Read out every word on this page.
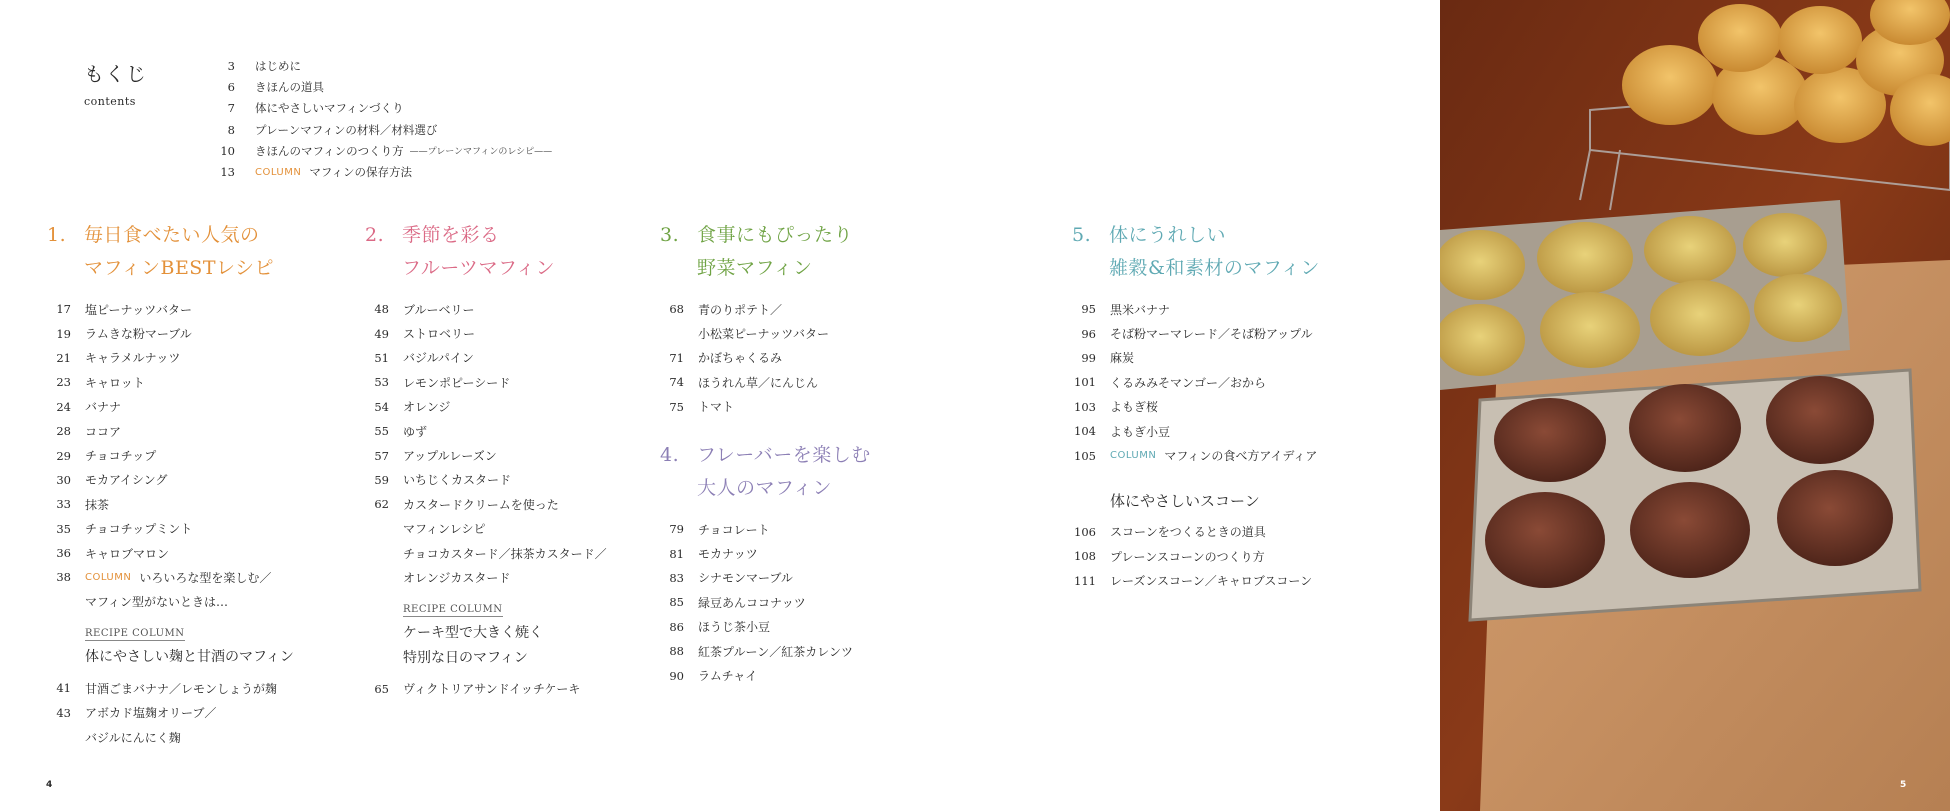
もくじ
contents
3 はじめに
6 きほんの道具
7 体にやさしいマフィンづくり
8 プレーンマフィンの材料／材料選び
10 きほんのマフィンのつくり方 ——プレーンマフィンのレシピ——
13 COLUMN マフィンの保存方法
1. 毎日食べたい人気の
マフィンBESTレシピ
17 塩ピーナッツバター
19 ラムきな粉マーブル
21 キャラメルナッツ
23 キャロット
24 バナナ
28 ココア
29 チョコチップ
30 モカアイシング
33 抹茶
35 チョコチップミント
36 キャロブマロン
38 COLUMN いろいろな型を楽しむ／
マフィン型がないときは…
RECIPE COLUMN
体にやさしい麹と甘酒のマフィン
41 甘酒ごまバナナ／レモンしょうが麹
43 アボカド塩麹オリーブ／
バジルにんにく麹
2. 季節を彩る
フルーツマフィン
48 ブルーベリー
49 ストロベリー
51 バジルパイン
53 レモンポピーシード
54 オレンジ
55 ゆず
57 アップルレーズン
59 いちじくカスタード
62 カスタードクリームを使った
マフィンレシピ
チョコカスタード／抹茶カスタード／
オレンジカスタード
RECIPE COLUMN
ケーキ型で大きく焼く
特別な日のマフィン
65 ヴィクトリアサンドイッチケーキ
3. 食事にもぴったり
野菜マフィン
68 青のりポテト／
小松菜ピーナッツバター
71 かぼちゃくるみ
74 ほうれん草／にんじん
75 トマト
4. フレーバーを楽しむ
大人のマフィン
79 チョコレート
81 モカナッツ
83 シナモンマーブル
85 緑豆あんココナッツ
86 ほうじ茶小豆
88 紅茶プルーン／紅茶カレンツ
90 ラムチャイ
5. 体にうれしい
雑穀&和素材のマフィン
95 黒米バナナ
96 そば粉マーマレード／そば粉アップル
99 麻炭
101 くるみみそマンゴー／おから
103 よもぎ桜
104 よもぎ小豆
105 COLUMN マフィンの食べ方アイディア
体にやさしいスコーン
106 スコーンをつくるときの道具
108 プレーンスコーンのつくり方
111 レーズンスコーン／キャロブスコーン
4	5
